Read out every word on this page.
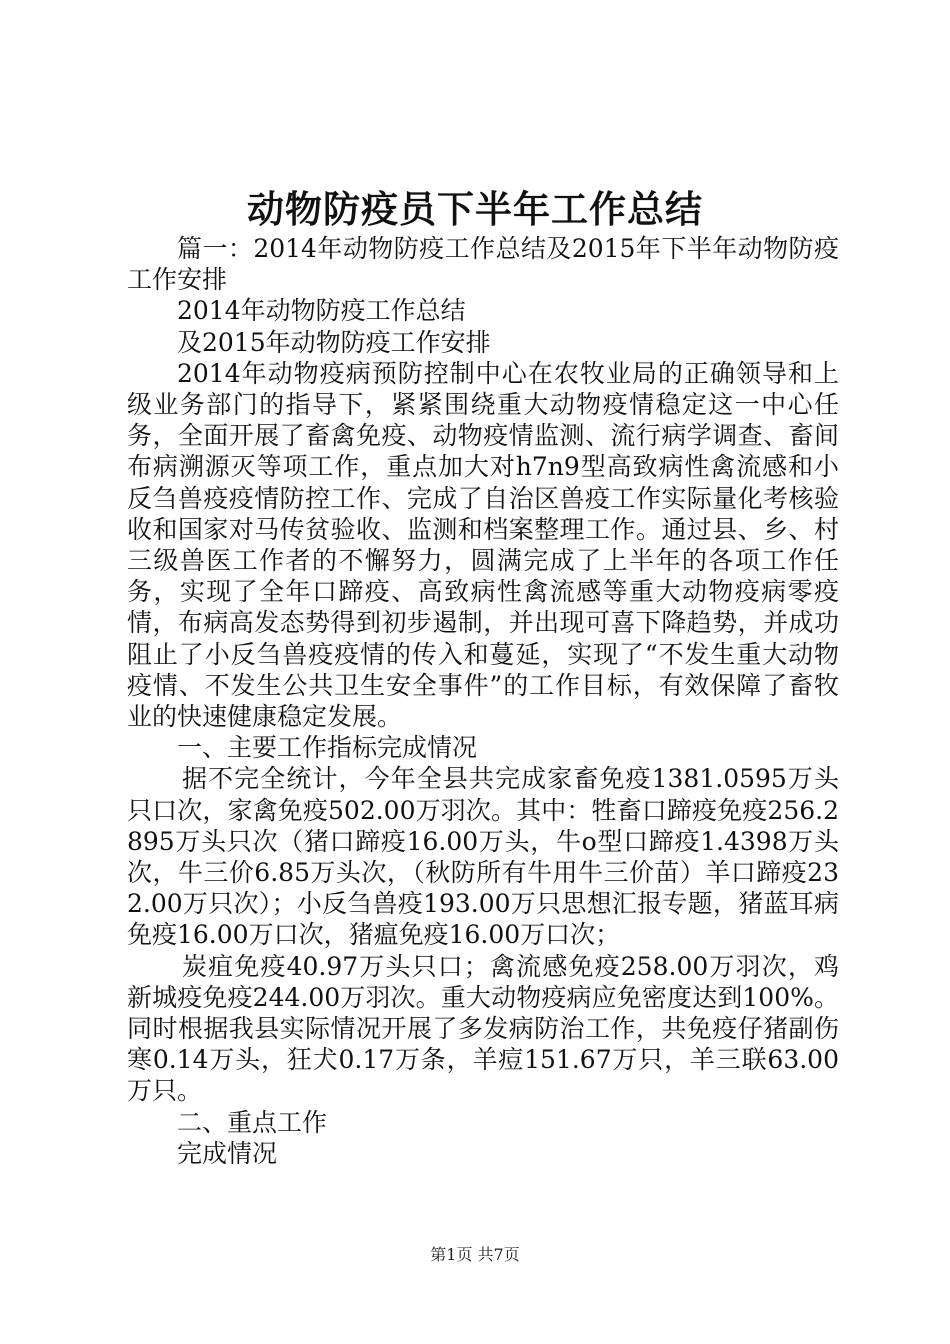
动物防疫员下半年工作总结

篇一：2014年动物防疫工作总结及2015年下半年动物防疫工作安排

2014年动物防疫工作总结

及2015年动物防疫工作安排

2014年动物疫病预防控制中心在农牧业局的正确领导和上级业务部门的指导下，紧紧围绕重大动物疫情稳定这一中心任务，全面开展了畜禽免疫、动物疫情监测、流行病学调查、畜间布病溯源灭等项工作，重点加大对h7n9型高致病性禽流感和小反刍兽疫疫情防控工作、完成了自治区兽疫工作实际量化考核验收和国家对马传贫验收、监测和档案整理工作。通过县、乡、村三级兽医工作者的不懈努力，圆满完成了上半年的各项工作任务，实现了全年口蹄疫、高致病性禽流感等重大动物疫病零疫情，布病高发态势得到初步遏制，并出现可喜下降趋势，并成功阻止了小反刍兽疫疫情的传入和蔓延，实现了“不发生重大动物疫情、不发生公共卫生安全事件”的工作目标，有效保障了畜牧业的快速健康稳定发展。

一、主要工作指标完成情况

据不完全统计，今年全县共完成家畜免疫1381.0595万头只口次，家禽免疫502.00万羽次。其中：牲畜口蹄疫免疫256.2895万头只次（猪口蹄疫16.00万头，牛o型口蹄疫1.4398万头次，牛三价6.85万头次，（秋防所有牛用牛三价苗）羊口蹄疫232.00万只次）；小反刍兽疫193.00万只思想汇报专题，猪蓝耳病免疫16.00万口次，猪瘟免疫16.00万口次；

炭疽免疫40.97万头只口；禽流感免疫258.00万羽次，鸡新城疫免疫244.00万羽次。重大动物疫病应免密度达到100%。同时根据我县实际情况开展了多发病防治工作，共免疫仔猪副伤寒0.14万头，狂犬0.17万条，羊痘151.67万只，羊三联63.00万只。

二、重点工作

完成情况

第1页 共7页
